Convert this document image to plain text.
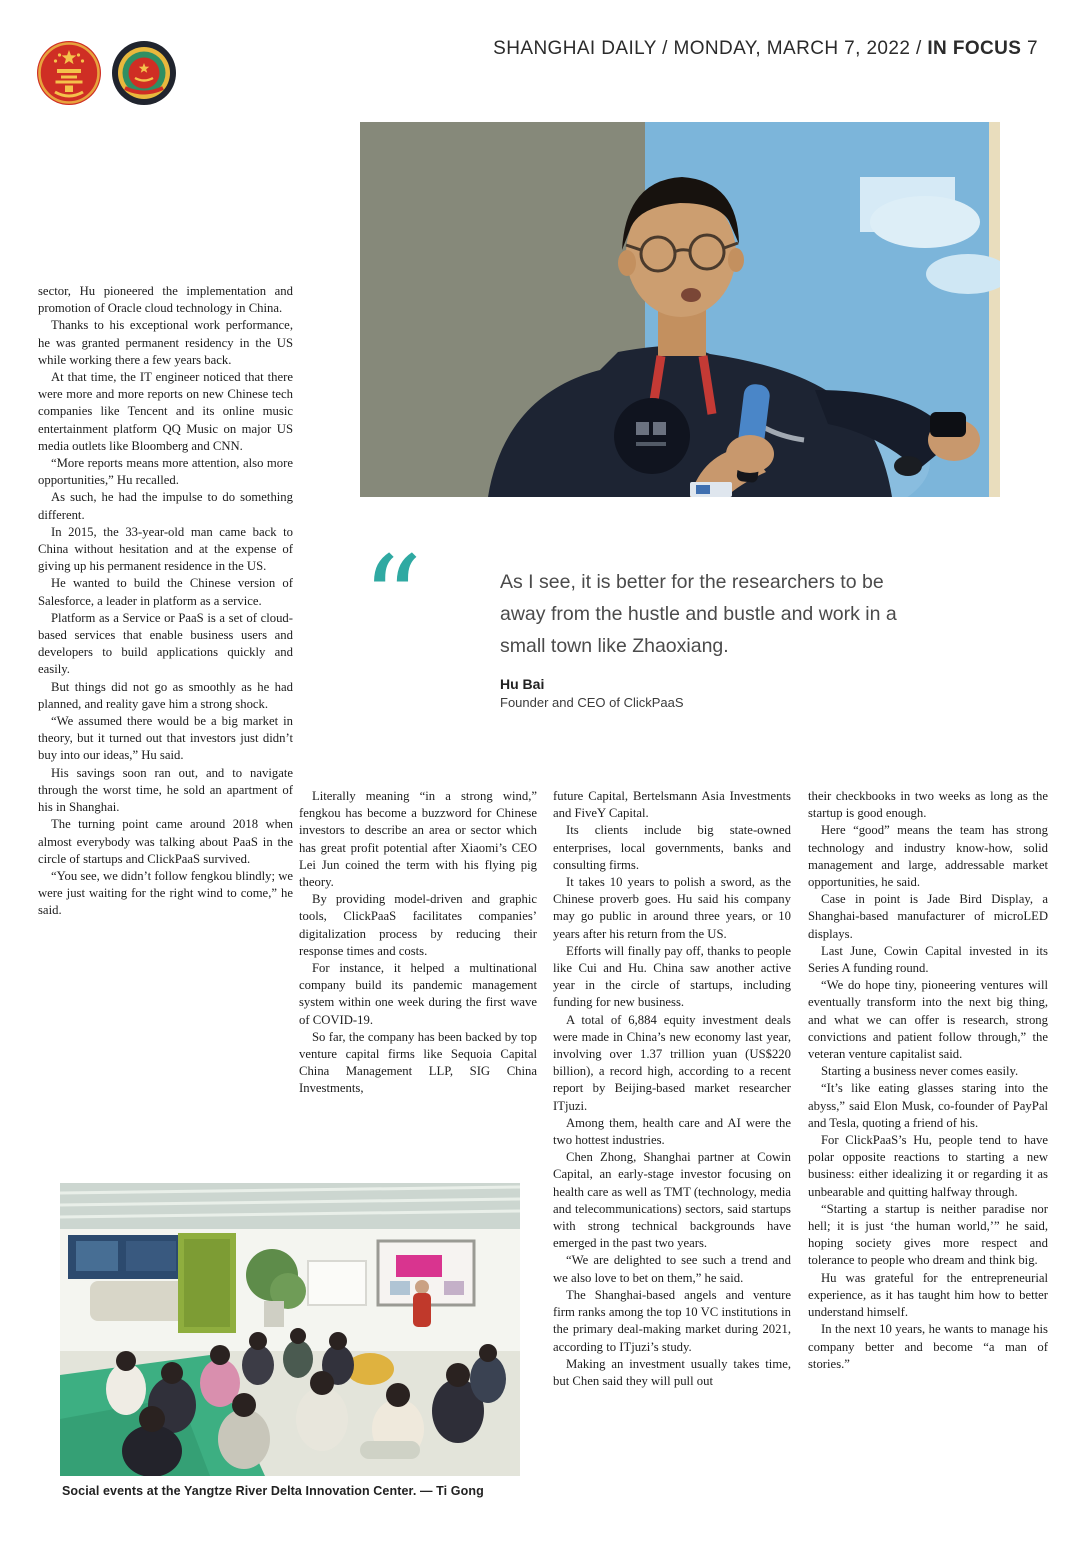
SHANGHAI DAILY / MONDAY, MARCH 7, 2022 / IN FOCUS 7
“	As I see, it is better for the researchers to be away from the hustle and bustle and work in a small town like Zhaoxiang.

Hu Bai

Founder and CEO of ClickPaaS

sector, Hu pioneered the implementation and promotion of Oracle cloud technology in China.

Thanks to his exceptional work performance, he was granted permanent residency in the US while working there a few years back.

At that time, the IT engineer noticed that there were more and more reports on new Chinese tech companies like Tencent and its online music entertainment platform QQ Music on major US media outlets like Bloomberg and CNN.

“More reports means more attention, also more opportunities,” Hu recalled.

As such, he had the impulse to do something different.

In 2015, the 33-year-old man came back to China without hesitation and at the expense of giving up his permanent residence in the US.

He wanted to build the Chinese version of Salesforce, a leader in platform as a service.

Platform as a Service or PaaS is a set of cloud-based services that enable business users and developers to build applications quickly and easily.

But things did not go as smoothly as he had planned, and reality gave him a strong shock.

“We assumed there would be a big market in theory, but it turned out that investors just didn’t buy into our ideas,” Hu said.

His savings soon ran out, and to navigate through the worst time, he sold an apartment of his in Shanghai.

The turning point came around 2018 when almost everybody was talking about PaaS in the circle of startups and ClickPaaS survived.

“You see, we didn’t follow fengkou blindly; we were just waiting for the right wind to come,” he said.

Literally meaning “in a strong wind,” fengkou has become a buzzword for Chinese investors to describe an area or sector which has great profit potential after Xiaomi’s CEO Lei Jun coined the term with his flying pig theory.

By providing model-driven and graphic tools, ClickPaaS facilitates companies’ digitalization process by reducing their response times and costs.

For instance, it helped a multinational company build its pandemic management system within one week during the first wave of COVID-19.

So far, the company has been backed by top venture capital firms like Sequoia Capital China Management LLP, SIG China Investments,

future Capital, Bertelsmann Asia Investments and FiveY Capital.

Its clients include big state-owned enterprises, local governments, banks and consulting firms.

It takes 10 years to polish a sword, as the Chinese proverb goes. Hu said his company may go public in around three years, or 10 years after his return from the US.

Efforts will finally pay off, thanks to people like Cui and Hu. China saw another active year in the circle of startups, including funding for new business.

A total of 6,884 equity investment deals were made in China’s new economy last year, involving over 1.37 trillion yuan (US$220 billion), a record high, according to a recent report by Beijing-based market researcher ITjuzi.

Among them, health care and AI were the two hottest industries.

Chen Zhong, Shanghai partner at Cowin Capital, an early-stage investor focusing on health care as well as TMT (technology, media and telecommunications) sectors, said startups with strong technical backgrounds have emerged in the past two years.

“We are delighted to see such a trend and we also love to bet on them,” he said.

The Shanghai-based angels and venture firm ranks among the top 10 VC institutions in the primary deal-making market during 2021, according to ITjuzi’s study.

Making an investment usually takes time, but Chen said they will pull out

their checkbooks in two weeks as long as the startup is good enough.

Here “good” means the team has strong technology and industry know-how, solid management and large, addressable market opportunities, he said.

Case in point is Jade Bird Display, a Shanghai-based manufacturer of microLED displays.

Last June, Cowin Capital invested in its Series A funding round.

“We do hope tiny, pioneering ventures will eventually transform into the next big thing, and what we can offer is research, strong convictions and patient follow through,” the veteran venture capitalist said.

Starting a business never comes easily.

“It’s like eating glasses staring into the abyss,” said Elon Musk, co-founder of PayPal and Tesla, quoting a friend of his.

For ClickPaaS’s Hu, people tend to have polar opposite reactions to starting a new business: either idealizing it or regarding it as unbearable and quitting halfway through.

“Starting a startup is neither paradise nor hell; it is just ‘the human world,’” he said, hoping society gives more respect and tolerance to people who dream and think big.

Hu was grateful for the entrepreneurial experience, as it has taught him how to better understand himself.

In the next 10 years, he wants to manage his company better and become “a man of stories.”

Social events at the Yangtze River Delta Innovation Center. — Ti Gong
